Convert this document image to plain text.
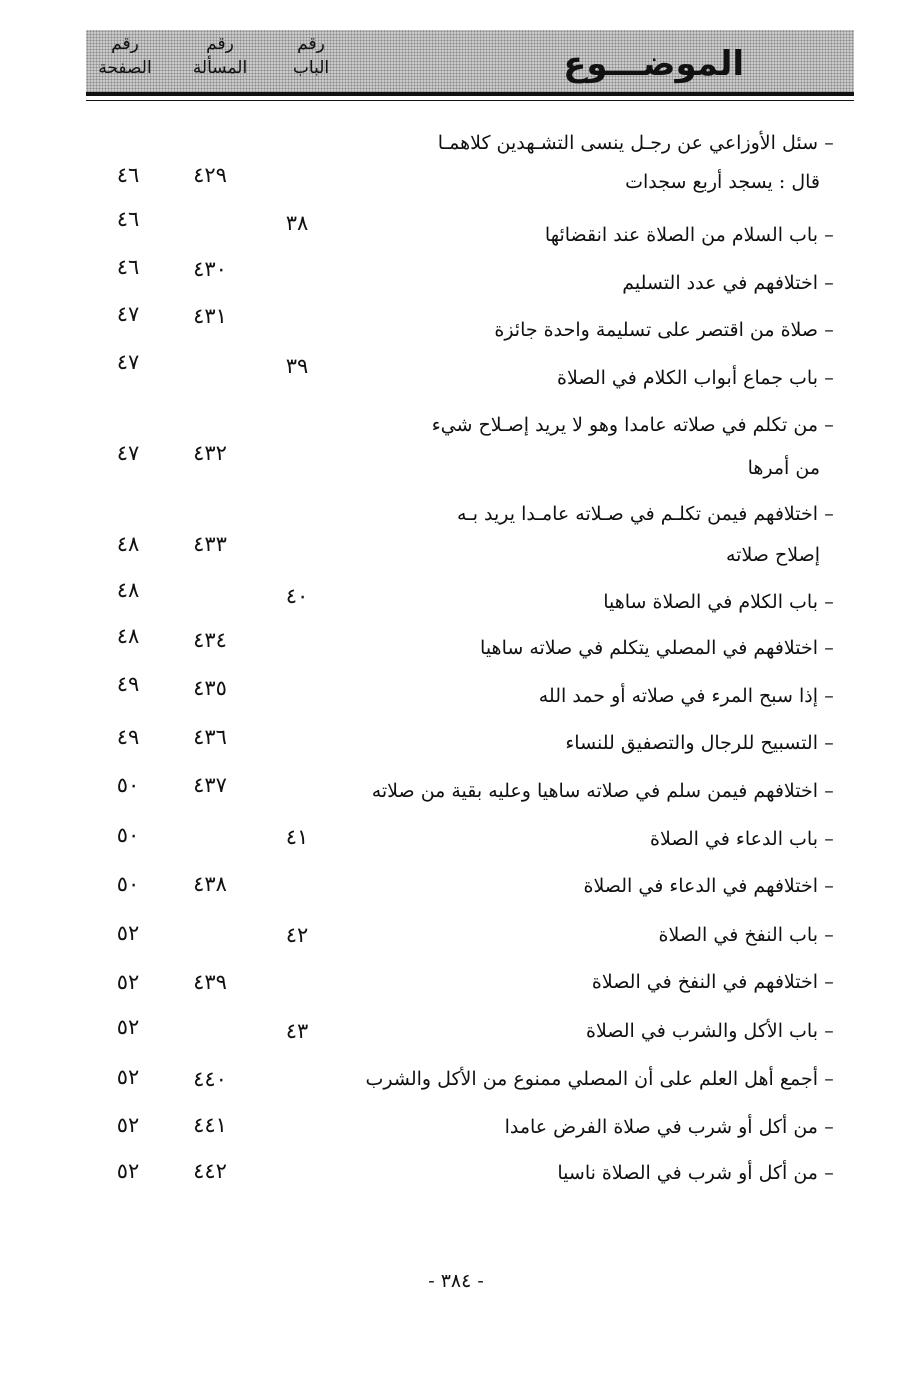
رقم
الصفحة
رقم
المسألة
رقم
الباب	الموضـــوع
–سئل الأوزاعي عن رجـل ينسى التشـهدين كلاهمـا
قال : يسجد أربع سجدات
٤٢٩
٤٦
–باب السلام من الصلاة عند انقضائها
٣٨
٤٦
–اختلافهم في عدد التسليم
٤٣٠
٤٦
–صلاة من اقتصر على تسليمة واحدة جائزة
٤٣١
٤٧
–باب جماع أبواب الكلام في الصلاة
٣٩
٤٧
–من تكلم في صلاته عامدا وهو لا يريد إصـلاح شيء
من أمرها
٤٣٢
٤٧
–اختلافهم فيمن تكلـم في صـلاته عامـدا يريد بـه
إصلاح صلاته
٤٣٣
٤٨
–باب الكلام في الصلاة ساهيا
٤٠
٤٨
–اختلافهم في المصلي يتكلم في صلاته ساهيا
٤٣٤
٤٨
–إذا سبح المرء في صلاته أو حمد الله
٤٣٥
٤٩
–التسبيح للرجال والتصفيق للنساء
٤٣٦
٤٩
–اختلافهم فيمن سلم في صلاته ساهيا وعليه بقية من صلاته
٤٣٧
٥٠
–باب الدعاء في الصلاة
٤١
٥٠
–اختلافهم في الدعاء في الصلاة
٤٣٨
٥٠
–باب النفخ في الصلاة
٤٢
٥٢
–اختلافهم في النفخ في الصلاة
٤٣٩
٥٢
–باب الأكل والشرب في الصلاة
٤٣
٥٢
–أجمع أهل العلم على أن المصلي ممنوع من الأكل والشرب
٤٤٠
٥٢
–من أكل أو شرب في صلاة الفرض عامدا
٤٤١
٥٢
–من أكل أو شرب في الصلاة ناسيا
٤٤٢
٥٢
- ٣٨٤ -
